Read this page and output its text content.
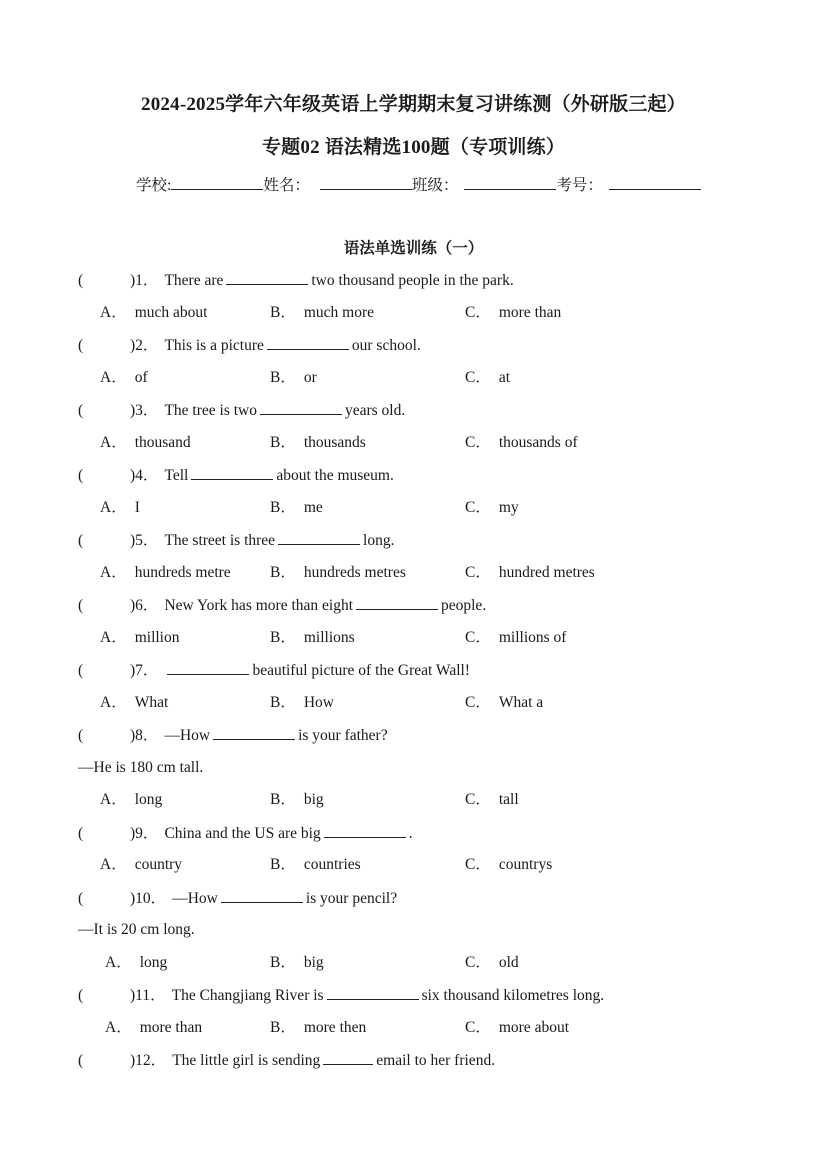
2024-2025学年六年级英语上学期期末复习讲练测（外研版三起）
专题02 语法精选100题（专项训练）
学校:	姓名：	班级：	考号：
语法单选训练（一）
(	)1． There are	two thousand people in the park.
A． much about	B． much more	C． more than
(	)2． This is a picture	our school.
A． of	B． or	C． at
(	)3． The tree is two	years old.
A． thousand	B． thousands	C． thousands of
(	)4． Tell	about the museum.
A． I	B． me	C． my
(	)5． The street is three	long.
A． hundreds metre	B． hundreds metres	C． hundred metres
(	)6． New York has more than eight	people.
A． million	B． millions	C． millions of
(	)7．	beautiful picture of the Great Wall!
A． What	B． How	C． What a
(	)8． —How	is your father?
—He is 180 cm tall.
A． long	B． big	C． tall
(	)9． China and the US are big	.
A． country	B． countries	C． countrys
(	)10． —How	is your pencil?
—It is 20 cm long.
A． long	B． big	C． old
(	)11． The Changjiang River is	six thousand kilometres long.
A． more than	B． more then	C． more about
(	)12． The little girl is sending	email to her friend.
